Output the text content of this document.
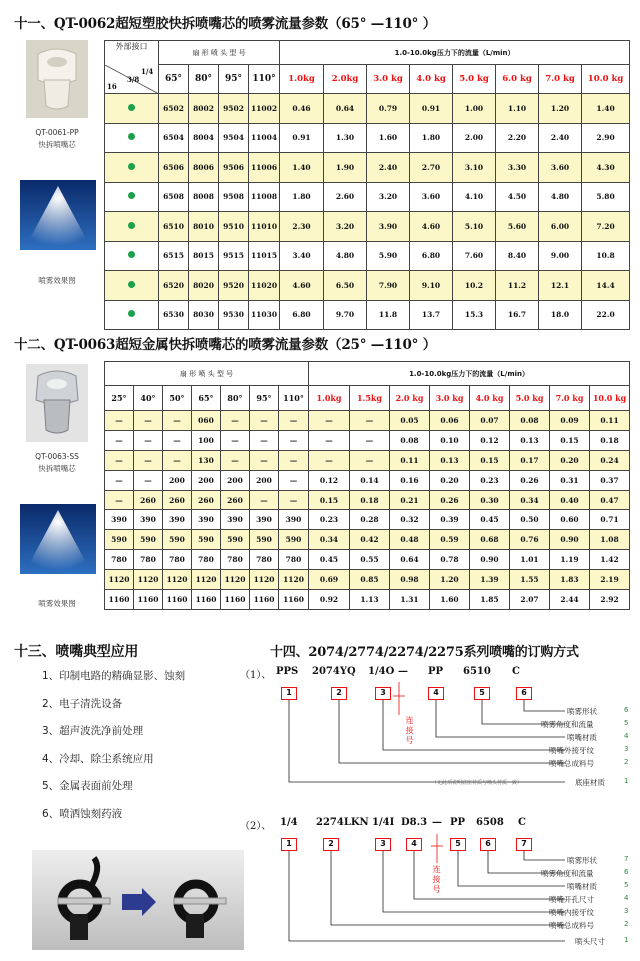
十一、QT-0062超短塑胶快拆喷嘴芯的喷雾流量参数（65° —110° ）
QT-0061-PP
快拆喷嘴芯
喷雾效果图
外部接口	扇 形 喷 头 型 号				1.0-10.0kg压力下的流量（L/min）							

1/4
3/8
16	65°	80°	95°	110°	1.0kg	2.0kg	3.0 kg	4.0 kg	5.0 kg	6.0 kg	7.0 kg	10.0 kg
	6502	8002	9502	11002	0.46	0.64	0.79	0.91	1.00	1.10	1.20	1.40
	6504	8004	9504	11004	0.91	1.30	1.60	1.80	2.00	2.20	2.40	2.90
	6506	8006	9506	11006	1.40	1.90	2.40	2.70	3.10	3.30	3.60	4.30
	6508	8008	9508	11008	1.80	2.60	3.20	3.60	4.10	4.50	4.80	5.80
	6510	8010	9510	11010	2.30	3.20	3.90	4.60	5.10	5.60	6.00	7.20
	6515	8015	9515	11015	3.40	4.80	5.90	6.80	7.60	8.40	9.00	10.8
	6520	8020	9520	11020	4.60	6.50	7.90	9.10	10.2	11.2	12.1	14.4
	6530	8030	9530	11030	6.80	9.70	11.8	13.7	15.3	16.7	18.0	22.0
十二、QT-0063超短金属快拆喷嘴芯的喷雾流量参数（25° —110° ）
QT-0063-SS
快拆喷嘴芯
喷雾效果图
扇 形 喷 头 型 号							1.0-10.0kg压力下的流量（L/min）							
25°	40°	50°	65°	80°	95°	110°	1.0kg	1.5kg	2.0 kg	3.0 kg	4.0 kg	5.0 kg	7.0 kg	10.0 kg
—	—	—	060	—	—	—	—	—	0.05	0.06	0.07	0.08	0.09	0.11
—	—	—	100	—	—	—	—	—	0.08	0.10	0.12	0.13	0.15	0.18
—	—	—	130	—	—	—	—	—	0.11	0.13	0.15	0.17	0.20	0.24
—	—	200	200	200	200	—	0.12	0.14	0.16	0.20	0.23	0.26	0.31	0.37
—	260	260	260	260	—	—	0.15	0.18	0.21	0.26	0.30	0.34	0.40	0.47
390	390	390	390	390	390	390	0.23	0.28	0.32	0.39	0.45	0.50	0.60	0.71
590	590	590	590	590	590	590	0.34	0.42	0.48	0.59	0.68	0.76	0.90	1.08
780	780	780	780	780	780	780	0.45	0.55	0.64	0.78	0.90	1.01	1.19	1.42
1120	1120	1120	1120	1120	1120	1120	0.69	0.85	0.98	1.20	1.39	1.55	1.83	2.19
1160	1160	1160	1160	1160	1160	1160	0.92	1.13	1.31	1.60	1.85	2.07	2.44	2.92
十三、喷嘴典型应用
1、印制电路的精确显影、蚀刻
2、电子清洗设备
3、超声波洗净前处理
4、冷却、除尘系统应用
5、金属表面前处理
6、喷洒蚀刻药液
十四、2074/2774/2274/2275系列喷嘴的订购方式
（1）、 PPS 2074YQ 1/4O — PP 6510 C
1	2	3	4	5	6
连接号
喷雾形状
喷雾角度和流量
喷嘴材质
喷嘴外接牙纹
喷嘴总成料号
（无此项说明底座材质与喷头材质一致）	底座材质
6
5
4
3
2
1
（2）、 1/4 2274LKN 1/4I D8.3 — PP 6508 C
1	2	3	4	5	6	7
连接号
喷雾形状
喷雾角度和流量
喷嘴材质
喷嘴开孔尺寸
喷嘴内接牙纹
喷嘴总成料号
喷头尺寸
7
6
5
4
3
2
1
